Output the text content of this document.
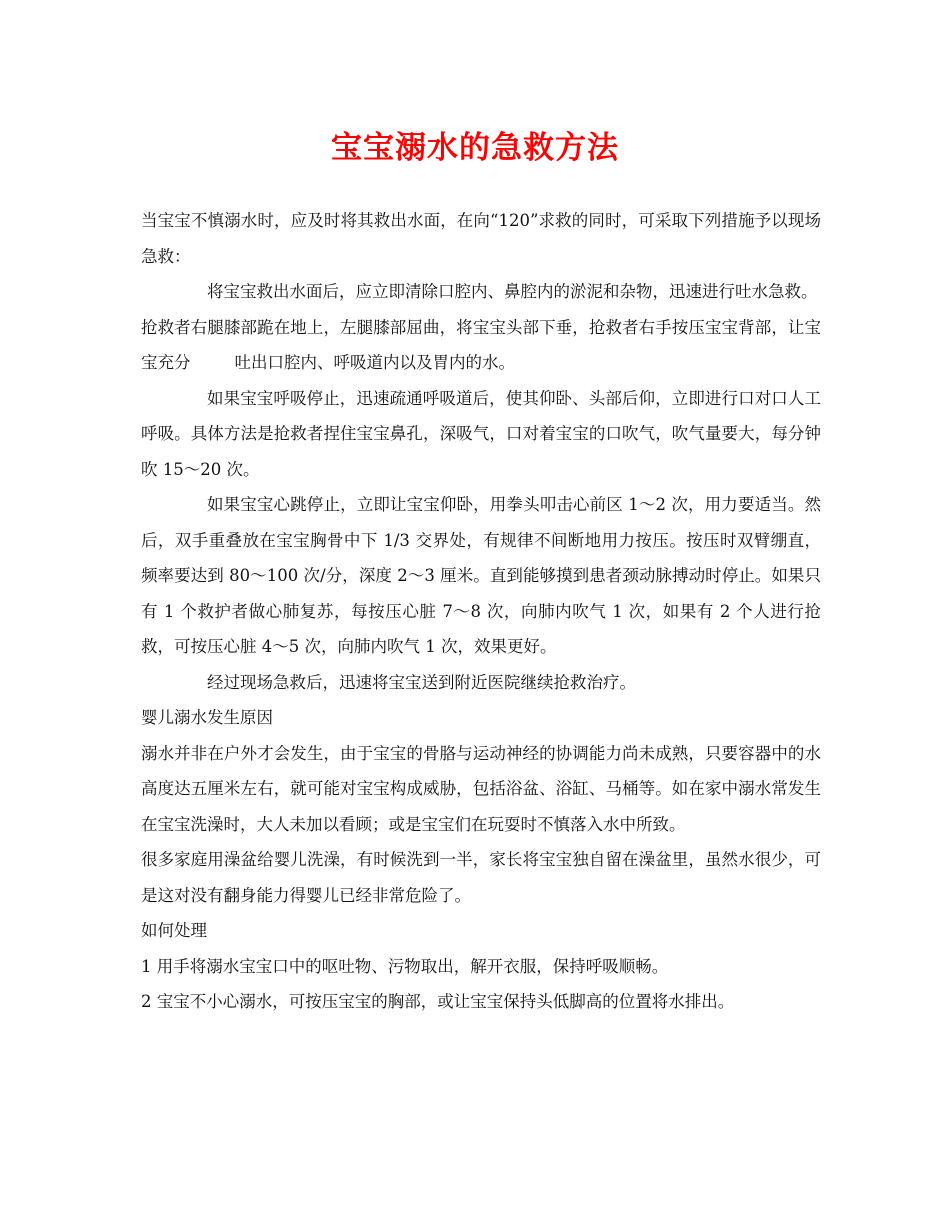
宝宝溺水的急救方法

当宝宝不慎溺水时，应及时将其救出水面，在向“120”求救的同时，可采取下列措施予以现场急救：

将宝宝救出水面后，应立即清除口腔内、鼻腔内的淤泥和杂物，迅速进行吐水急救。

抢救者右腿膝部跪在地上，左腿膝部屈曲，将宝宝头部下垂，抢救者右手按压宝宝背部，让宝宝充分	吐出口腔内、呼吸道内以及胃内的水。

如果宝宝呼吸停止，迅速疏通呼吸道后，使其仰卧、头部后仰，立即进行口对口人工呼吸。具体方法是抢救者捏住宝宝鼻孔，深吸气，口对着宝宝的口吹气，吹气量要大，每分钟吹 15～20 次。

如果宝宝心跳停止，立即让宝宝仰卧，用拳头叩击心前区 1～2 次，用力要适当。然后，双手重叠放在宝宝胸骨中下 1/3 交界处，有规律不间断地用力按压。按压时双臂绷直，频率要达到 80～100 次/分，深度 2～3 厘米。直到能够摸到患者颈动脉搏动时停止。如果只有 1 个救护者做心肺复苏，每按压心脏 7～8 次，向肺内吹气 1 次，如果有 2 个人进行抢救，可按压心脏 4～5 次，向肺内吹气 1 次，效果更好。

经过现场急救后，迅速将宝宝送到附近医院继续抢救治疗。

婴儿溺水发生原因

溺水并非在户外才会发生，由于宝宝的骨胳与运动神经的协调能力尚未成熟，只要容器中的水高度达五厘米左右，就可能对宝宝构成威胁，包括浴盆、浴缸、马桶等。如在家中溺水常发生在宝宝洗澡时，大人未加以看顾；或是宝宝们在玩耍时不慎落入水中所致。

很多家庭用澡盆给婴儿洗澡，有时候洗到一半，家长将宝宝独自留在澡盆里，虽然水很少，可是这对没有翻身能力得婴儿已经非常危险了。

如何处理

1 用手将溺水宝宝口中的呕吐物、污物取出，解开衣服，保持呼吸顺畅。

2 宝宝不小心溺水，可按压宝宝的胸部，或让宝宝保持头低脚高的位置将水排出。
